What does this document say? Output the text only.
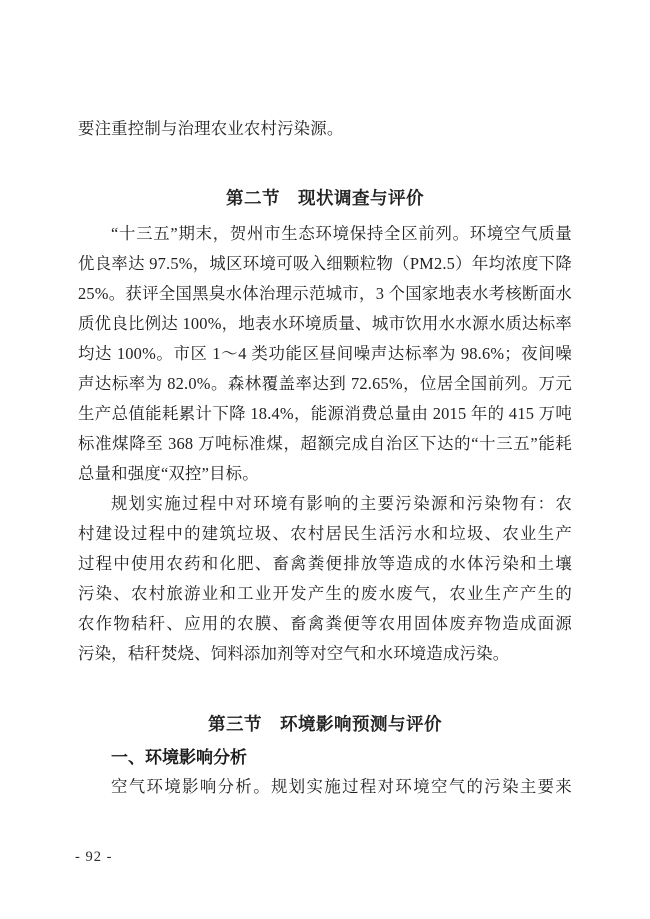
要注重控制与治理农业农村污染源。
第二节　现状调查与评价
“十三五”期末，贺州市生态环境保持全区前列。环境空气质量
优良率达 97.5%，城区环境可吸入细颗粒物（PM2.5）年均浓度下降
25%。获评全国黑臭水体治理示范城市，3 个国家地表水考核断面水
质优良比例达 100%，地表水环境质量、城市饮用水水源水质达标率
均达 100%。市区 1～4 类功能区昼间噪声达标率为 98.6%；夜间噪
声达标率为 82.0%。森林覆盖率达到 72.65%，位居全国前列。万元
生产总值能耗累计下降 18.4%，能源消费总量由 2015 年的 415 万吨
标准煤降至 368 万吨标准煤，超额完成自治区下达的“十三五”能耗
总量和强度“双控”目标。
规划实施过程中对环境有影响的主要污染源和污染物有：农
村建设过程中的建筑垃圾、农村居民生活污水和垃圾、农业生产
过程中使用农药和化肥、畜禽粪便排放等造成的水体污染和土壤
污染、农村旅游业和工业开发产生的废水废气，农业生产产生的
农作物秸秆、应用的农膜、畜禽粪便等农用固体废弃物造成面源
污染，秸秆焚烧、饲料添加剂等对空气和水环境造成污染。
第三节　环境影响预测与评价
一、环境影响分析
空气环境影响分析。规划实施过程对环境空气的污染主要来
- 92 -
